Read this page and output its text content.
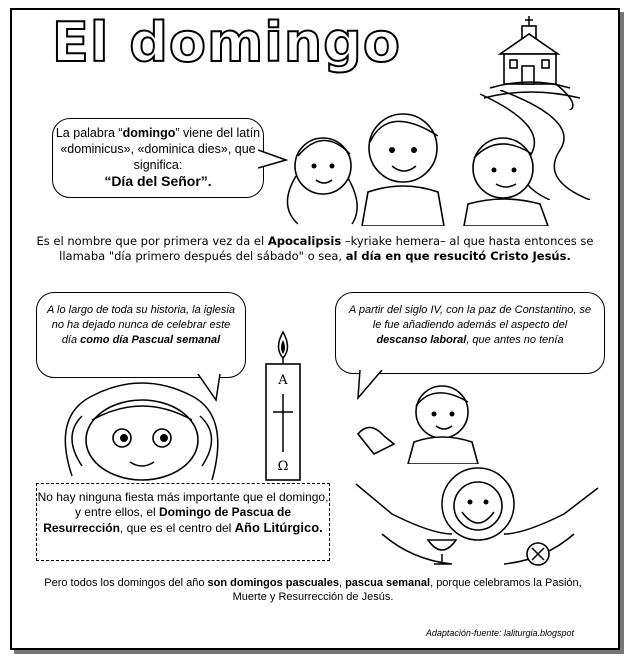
El domingo
La palabra “domingo” viene del latín «dominicus», «dominica dies», que significa:
“Día del Señor”.
Es el nombre que por primera vez da el Apocalipsis –kyriake hemera– al que hasta entonces se llamaba "día primero después del sábado" o sea, al día en que resucitó Cristo Jesús.
A lo largo de toda su historia, la iglesia no ha dejado nunca de celebrar este día como día Pascual semanal
A partir del siglo IV, con la paz de Constantino, se le fue añadiendo además el aspecto del descanso laboral, que antes no tenía
A
Ω
No hay ninguna fiesta más importante que el domingo, y entre ellos, el Domingo de Pascua de Resurrección, que es el centro del Año Litúrgico.
Pero todos los domingos del año son domingos pascuales, pascua semanal, porque celebramos la Pasión, Muerte y Resurrección de Jesús.
Adaptación-fuente: laliturgia.blogspot
